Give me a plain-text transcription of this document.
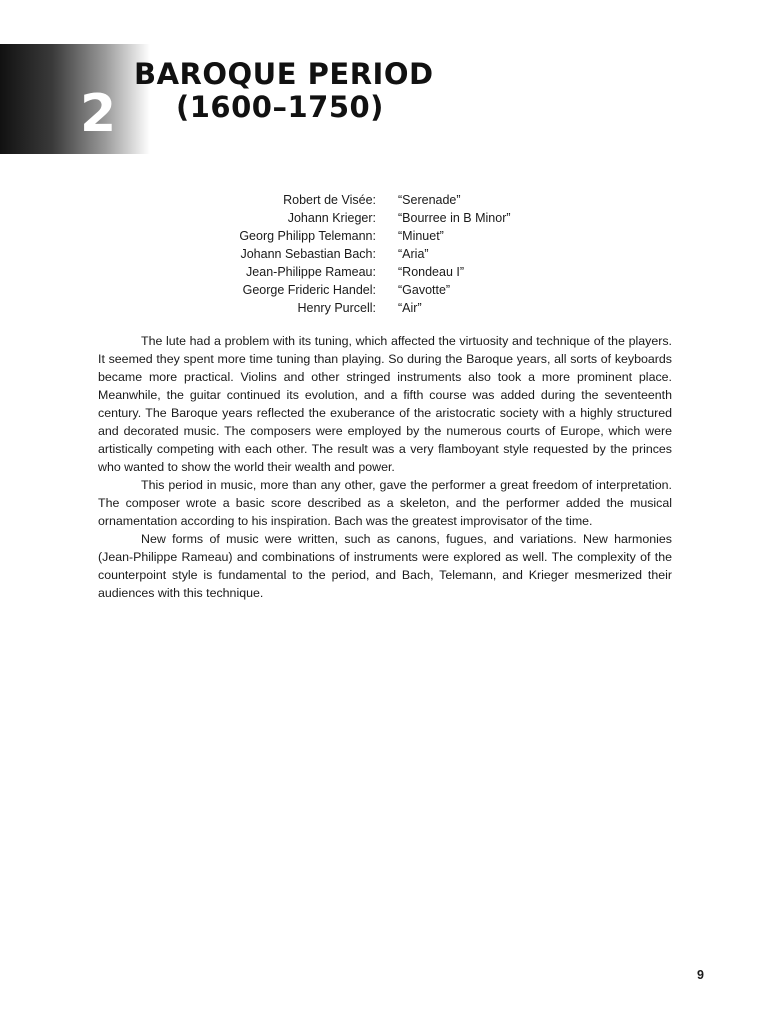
2
BAROQUE PERIOD
(1600–1750)
Robert de Visée:	“Serenade”
Johann Krieger:	“Bourree in B Minor”
Georg Philipp Telemann:	“Minuet”
Johann Sebastian Bach:	“Aria”
Jean-Philippe Rameau:	“Rondeau I”
George Frideric Handel:	“Gavotte”
Henry Purcell:	“Air”

The lute had a problem with its tuning, which affected the virtuosity and technique of the players. It seemed they spent more time tuning than playing. So during the Baroque years, all sorts of keyboards became more practical. Violins and other stringed instruments also took a more prominent place. Meanwhile, the guitar continued its evolution, and a fifth course was added during the seventeenth century. The Baroque years reflected the exuberance of the aristocratic society with a highly structured and decorated music. The composers were employed by the numerous courts of Europe, which were artistically competing with each other. The result was a very flamboyant style requested by the princes who wanted to show the world their wealth and power.

This period in music, more than any other, gave the performer a great freedom of interpretation. The composer wrote a basic score described as a skeleton, and the performer added the musical ornamentation according to his inspiration. Bach was the greatest improvisator of the time.

New forms of music were written, such as canons, fugues, and variations. New harmonies (Jean-Philippe Rameau) and combinations of instruments were explored as well. The complexity of the counterpoint style is fundamental to the period, and Bach, Telemann, and Krieger mesmerized their audiences with this technique.

9
